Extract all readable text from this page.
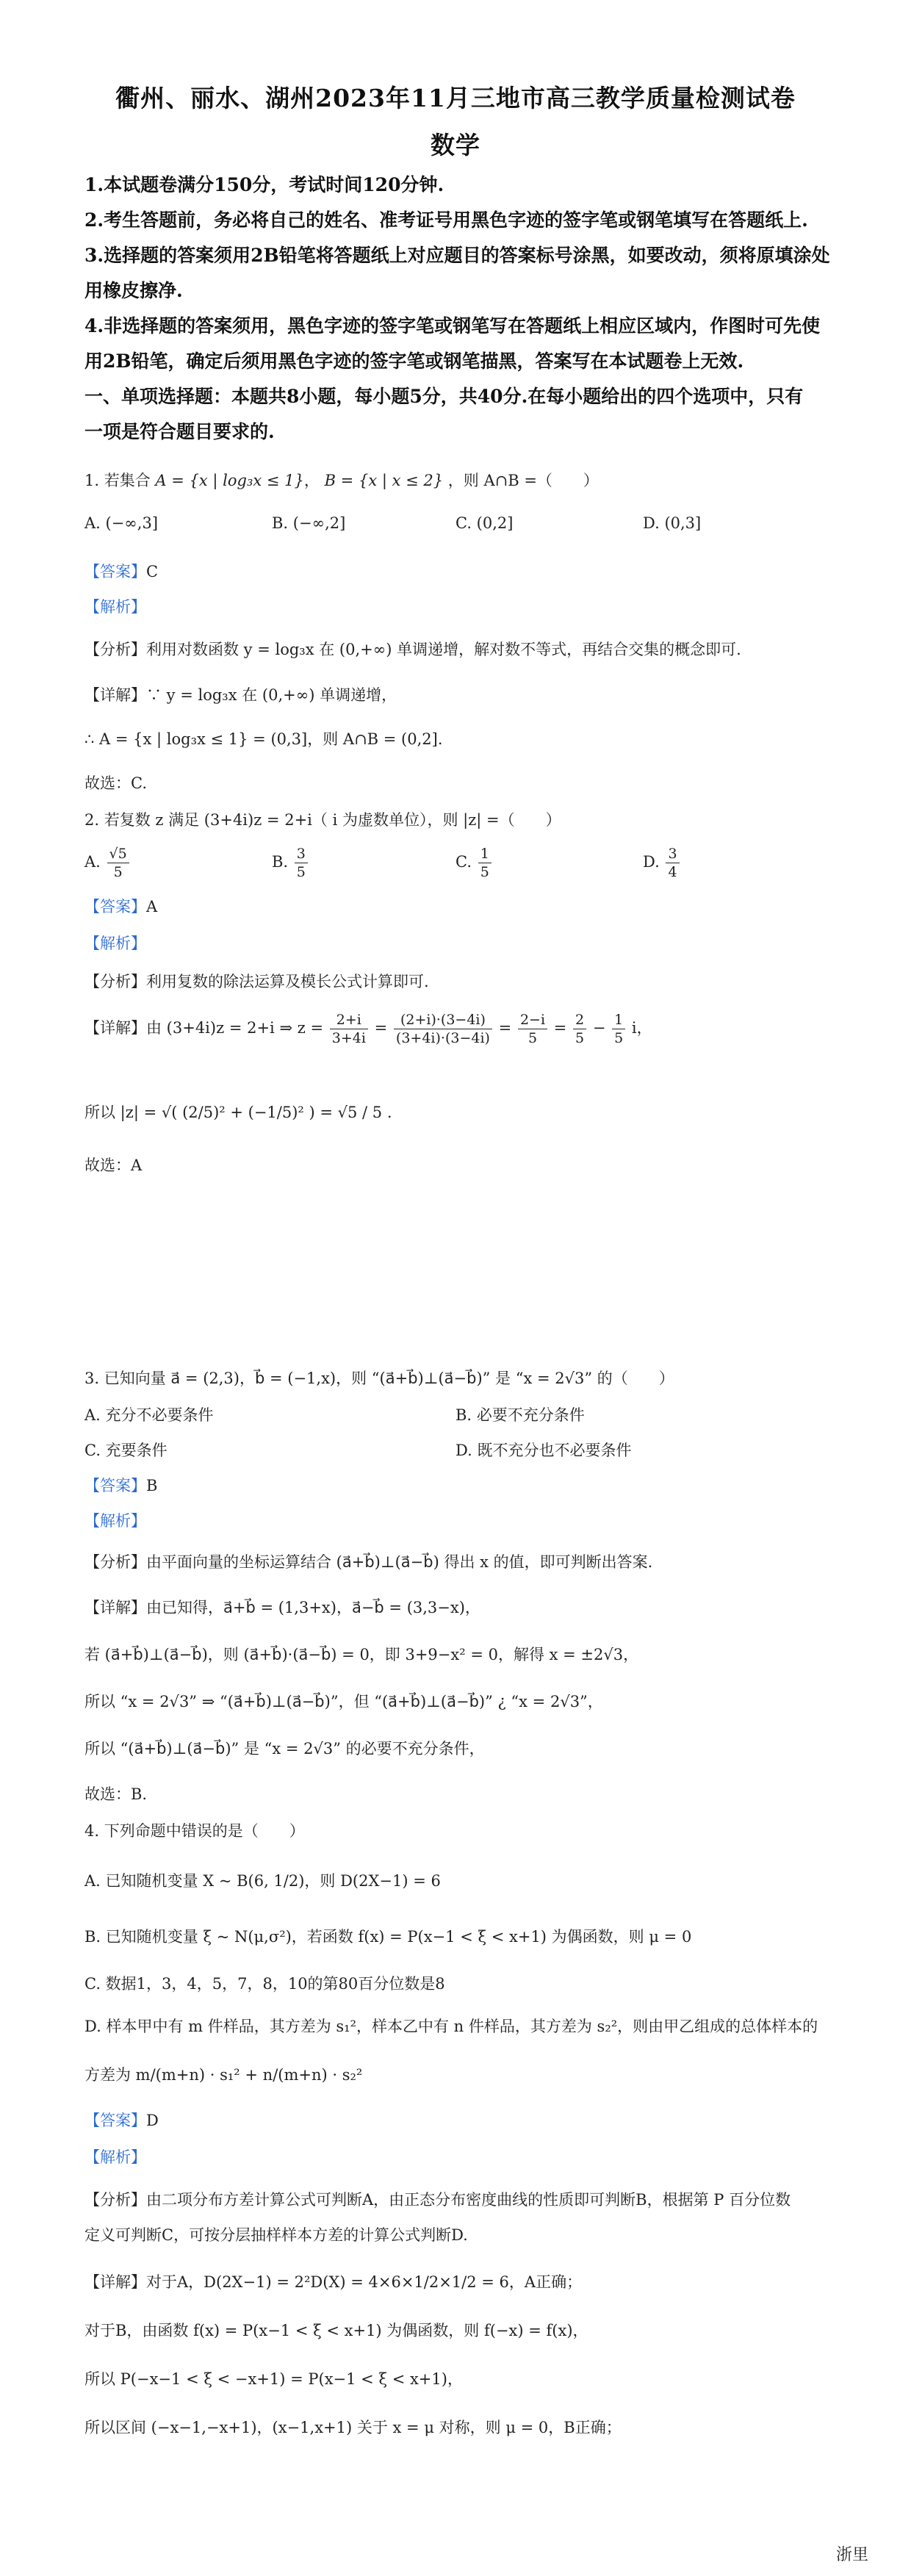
衢州、丽水、湖州2023年11月三地市高三教学质量检测试卷
数学
1.本试题卷满分150分，考试时间120分钟.
2.考生答题前，务必将自己的姓名、准考证号用黑色字迹的签字笔或钢笔填写在答题纸上.
3.选择题的答案须用2B铅笔将答题纸上对应题目的答案标号涂黑，如要改动，须将原填涂处
用橡皮擦净.
4.非选择题的答案须用，黑色字迹的签字笔或钢笔写在答题纸上相应区域内，作图时可先使
用2B铅笔，确定后须用黑色字迹的签字笔或钢笔描黑，答案写在本试题卷上无效.
一、单项选择题：本题共8小题，每小题5分，共40分.在每小题给出的四个选项中，只有
一项是符合题目要求的.
1. 若集合 A = {x | log₃x ≤ 1}， B = {x | x ≤ 2} ，则 A∩B =（　　）
A. (−∞,3]	B. (−∞,2]	C. (0,2]	D. (0,3]
【答案】C
【解析】
【分析】利用对数函数 y = log₃x 在 (0,+∞) 单调递增，解对数不等式，再结合交集的概念即可.
【详解】∵ y = log₃x 在 (0,+∞) 单调递增，
∴ A = {x | log₃x ≤ 1} = (0,3]，则 A∩B = (0,2].
故选：C.
2. 若复数 z 满足 (3+4i)z = 2+i（ i 为虚数单位），则 |z| =（　　）
A. $\frac{√5}{5}$	B. $\frac{3}{5}$	C. $\frac{1}{5}$	D. $\frac{3}{4}$
【答案】A
【解析】
【分析】利用复数的除法运算及模长公式计算即可.
【详解】由 (3+4i)z = 2+i ⇒ $z = \frac{2+i}{3+4i} = \frac{(2+i)\cdot(3-4i)}{(3+4i)\cdot(3-4i)} = \frac{2-i}{5} = \frac{2}{5} - \frac{1}{5}$ i，
所以 |z| = √( (2/5)² + (−1/5)² ) = √5 / 5 .
故选：A
3. 已知向量 a⃗ = (2,3)，b⃗ = (−1,x)，则 “(a⃗+b⃗)⊥(a⃗−b⃗)” 是 “x = 2√3” 的（　　）
A. 充分不必要条件	B. 必要不充分条件
C. 充要条件	D. 既不充分也不必要条件
【答案】B
【解析】
【分析】由平面向量的坐标运算结合 (a⃗+b⃗)⊥(a⃗−b⃗) 得出 x 的值，即可判断出答案.
【详解】由已知得，a⃗+b⃗ = (1,3+x)，a⃗−b⃗ = (3,3−x)，
若 (a⃗+b⃗)⊥(a⃗−b⃗)，则 (a⃗+b⃗)·(a⃗−b⃗) = 0，即 3+9−x² = 0，解得 x = ±2√3，
所以 “x = 2√3” ⇒ “(a⃗+b⃗)⊥(a⃗−b⃗)”，但 “(a⃗+b⃗)⊥(a⃗−b⃗)” ¿ “x = 2√3”，
所以 “(a⃗+b⃗)⊥(a⃗−b⃗)” 是 “x = 2√3” 的必要不充分条件，
故选：B.
4. 下列命题中错误的是（　　）
A. 已知随机变量 X ~ B(6, 1/2)，则 D(2X−1) = 6
B. 已知随机变量 ξ ~ N(μ,σ²)，若函数 f(x) = P(x−1 < ξ < x+1) 为偶函数，则 μ = 0
C. 数据1，3，4，5，7，8，10的第80百分位数是8
D. 样本甲中有 m 件样品，其方差为 s₁²，样本乙中有 n 件样品，其方差为 s₂²，则由甲乙组成的总体样本的
方差为 m/(m+n) · s₁² + n/(m+n) · s₂²
【答案】D
【解析】
【分析】由二项分布方差计算公式可判断A，由正态分布密度曲线的性质即可判断B，根据第 P 百分位数
定义可判断C，可按分层抽样样本方差的计算公式判断D.
【详解】对于A，D(2X−1) = 2²D(X) = 4×6×1/2×1/2 = 6，A正确；
对于B，由函数 f(x) = P(x−1 < ξ < x+1) 为偶函数，则 f(−x) = f(x)，
所以 P(−x−1 < ξ < −x+1) = P(x−1 < ξ < x+1)，
所以区间 (−x−1,−x+1)，(x−1,x+1) 关于 x = μ 对称，则 μ = 0，B正确；
浙里
